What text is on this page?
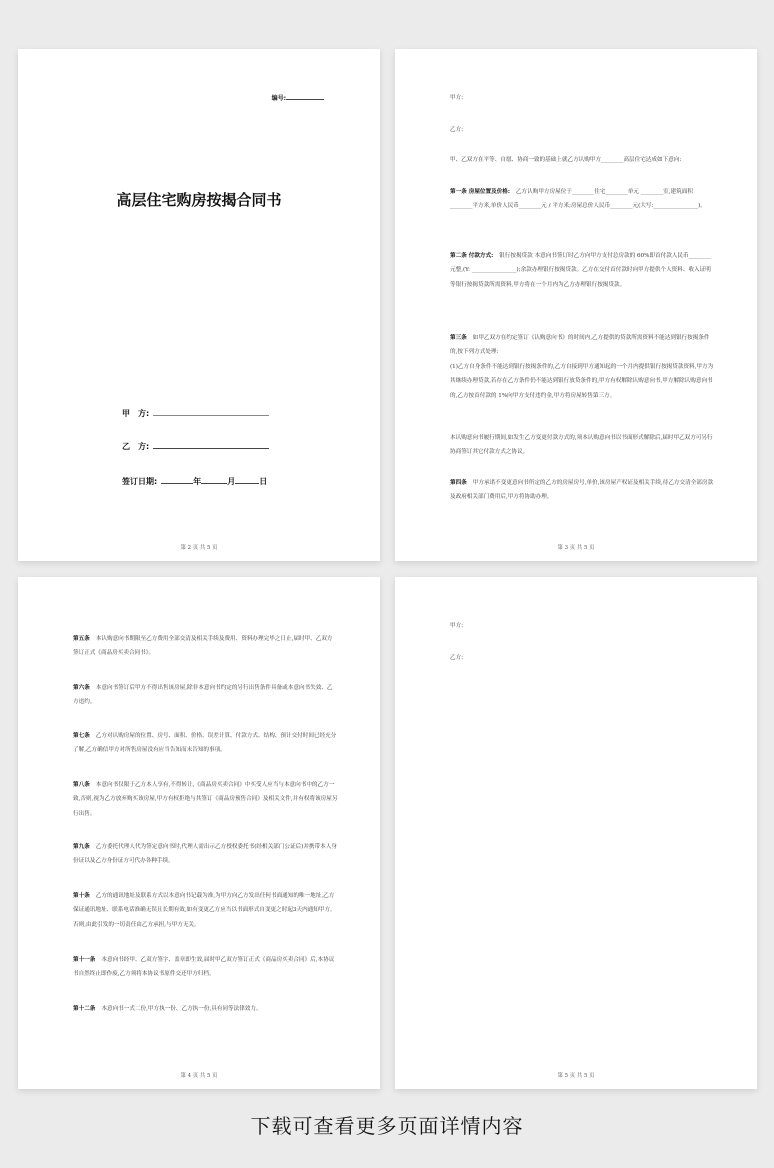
编号:
高层住宅购房按揭合同书
甲　方:
乙　方:
签订日期:	年	月	日
第 2 页 共 5 页
甲方:
乙方:
甲、乙双方在平等、自愿、协商一致的基础上就乙方认购甲方________高层住宅达成如下意向:
第一条 房屋位置及价格: 乙方认购甲方房屋位于________住宅________单元 ________室,建筑面积________平方米,单价人民币________元 / 平方米;房屋总价人民币________元(大写:________________)。
第二条 付款方式: 银行按揭贷款 本意向书签订时乙方向甲方支付总房款的 60%即首付款人民币________元整,(Y: ________________);余款办理银行按揭贷款。乙方在交付首付款时向甲方提供个人资料、收入证明等银行按揭贷款所需资料,甲方将在一个月内为乙方办理银行按揭贷款。
第三条 如甲乙双方在约定签订《认购意向书》的时间内,乙方提供的贷款所需资料不能达到银行按揭条件的,按下列方式处理:
(1)乙方自身条件不能达到银行按揭条件的,乙方自接到甲方通知起的一个月内提供银行按揭贷款资料,甲方为其继续办理贷款,若存在乙方条件仍不能达到银行放贷条件的,甲方有权解除认购意向书,甲方解除认购意向书的,乙方按首付款的 1%向甲方支付违约金,甲方将房屋转售第三方。
本认购意向书履行期间,如发生乙方变更付款方式的,须本认购意向书以书面形式解除后,届时甲乙双方可另行协商签订其它付款方式之协议。
第四条 甲方承诺不变更意向书所定的乙方的房屋房号,单价,该房屋产权证及相关手续,待乙方交清全部房款及政府相关部门费用后,甲方将协助办理。
第 3 页 共 5 页
第五条 本认购意向书期限至乙方费用全部交清及相关手续及费用、资料办理完毕之日止,届时甲、乙双方签订正式《商品房买卖合同书》。
第六条 本意向书签订后甲方不得出售该房屋,除非本意向书约定的另行出售条件具备或本意向书失效、乙方违约。
第七条 乙方对认购房屋的位置、房号、面积、价格、误差计算、付款方式、结构、预计交付时间已经充分了解,乙方确信甲方对所售房屋没有应当告知而未告知的事项。
第八条 本意向书仅限于乙方本人享有,不得转让,《商品房买卖合同》中买受人应当与本意向书中的乙方一致,否则,视为乙方放弃购买该房屋,甲方有权拒绝与其签订《商品房预售合同》及相关文件,并有权将该房屋另行出售。
第九条 乙方委托代理人代为签定意向书时,代理人需出示乙方授权委托书(经相关部门公证后)并携带本人身份证以及乙方身份证方可代办各种手续。
第十条 乙方的通讯地址及联系方式以本意向书记载为准,为甲方向乙方发出任何书面通知的唯一地址,乙方保证通讯地址、联系电话准确无误且长期有效,如有变更乙方应当以书面形式自变更之时起3天内通知甲方。否则,由此引发的一切责任由乙方承担,与甲方无关。
第十一条 本意向书经甲、乙双方签字、盖章即生效,届时甲乙双方签订正式《商品房买卖合同》后,本协议书自然终止即作废,乙方须将本协议书原件交还甲方归档。
第十二条 本意向书一式二份,甲方执一份、乙方执一份,具有同等法律效力。
第 4 页 共 5 页
甲方:
乙方:
第 5 页 共 5 页
下载可查看更多页面详情内容
